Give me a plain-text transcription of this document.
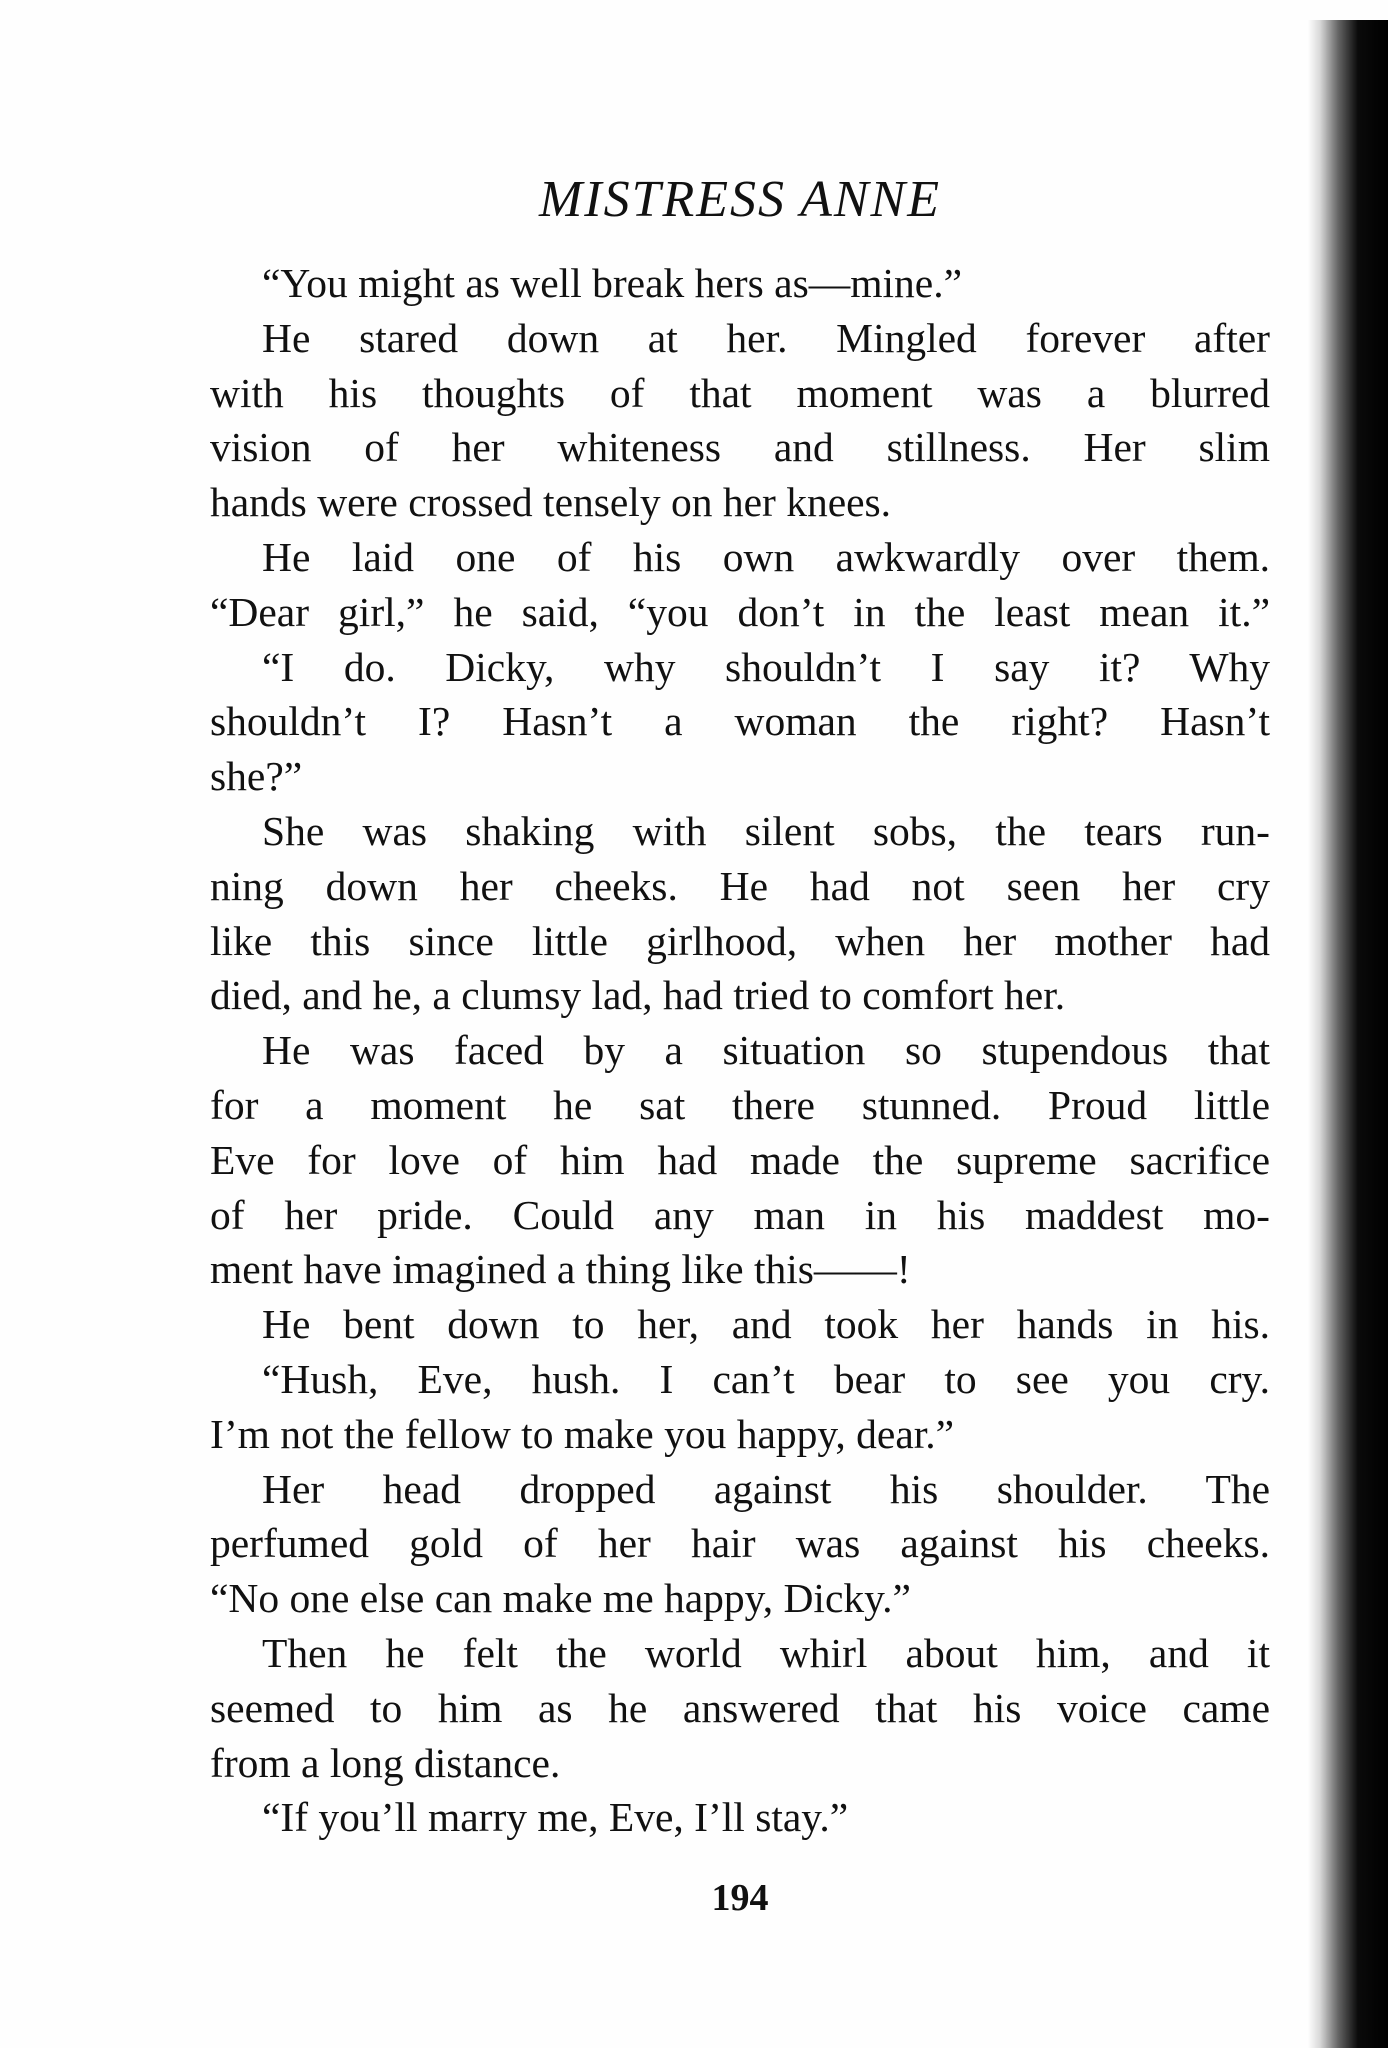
MISTRESS ANNE
“You might as well break hers as—mine.”
He stared down at her. Mingled forever after
with his thoughts of that moment was a blurred
vision of her whiteness and stillness. Her slim
hands were crossed tensely on her knees.
He laid one of his own awkwardly over them.
“Dear girl,” he said, “you don’t in the least mean it.”
“I do. Dicky, why shouldn’t I say it? Why
shouldn’t I? Hasn’t a woman the right? Hasn’t
she?”
She was shaking with silent sobs, the tears run-
ning down her cheeks. He had not seen her cry
like this since little girlhood, when her mother had
died, and he, a clumsy lad, had tried to comfort her.
He was faced by a situation so stupendous that
for a moment he sat there stunned. Proud little
Eve for love of him had made the supreme sacrifice
of her pride. Could any man in his maddest mo-
ment have imagined a thing like this——!
He bent down to her, and took her hands in his.
“Hush, Eve, hush. I can’t bear to see you cry.
I’m not the fellow to make you happy, dear.”
Her head dropped against his shoulder. The
perfumed gold of her hair was against his cheeks.
“No one else can make me happy, Dicky.”
Then he felt the world whirl about him, and it
seemed to him as he answered that his voice came
from a long distance.
“If you’ll marry me, Eve, I’ll stay.”
194
